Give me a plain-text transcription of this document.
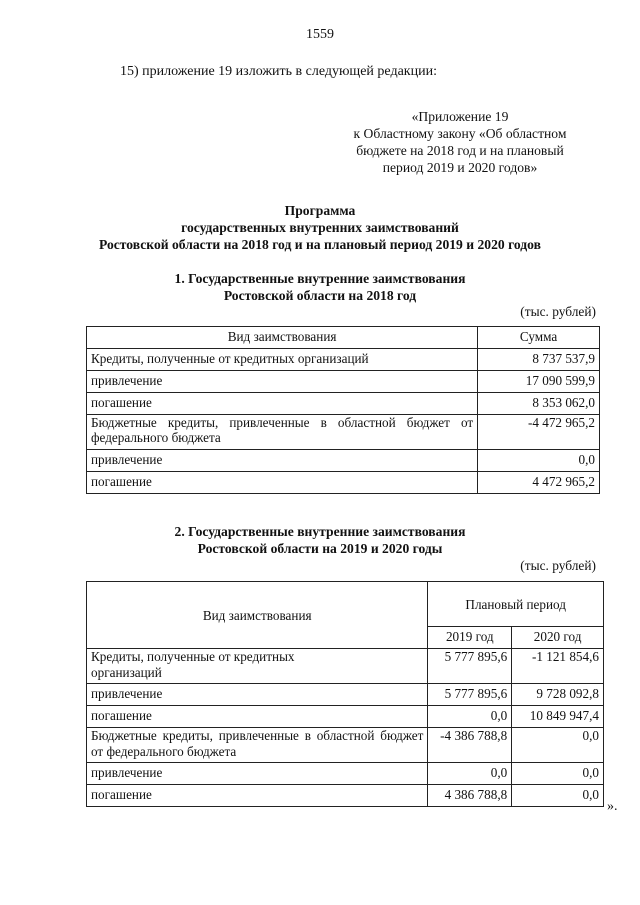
1559
15) приложение 19 изложить в следующей редакции:
«Приложение 19
к Областному закону «Об областном
бюджете на 2018 год и на плановый
период 2019 и 2020 годов»
Программа
государственных внутренних заимствований
Ростовской области на 2018 год и на плановый период 2019 и 2020 годов
1. Государственные внутренние заимствования
Ростовской области на 2018 год
(тыс. рублей)
Вид заимствования	Сумма
Кредиты, полученные от кредитных организаций	8 737 537,9
привлечение	17 090 599,9
погашение	8 353 062,0
Бюджетные кредиты, привлеченные в областной бюджет от федерального бюджета	-4 472 965,2
привлечение	0,0
погашение	4 472 965,2
2. Государственные внутренние заимствования
Ростовской области на 2019 и 2020 годы
(тыс. рублей)
Вид заимствования	Плановый период	
	2019 год	2020 год
Кредиты, полученные от кредитных организаций	5 777 895,6	-1 121 854,6
привлечение	5 777 895,6	9 728 092,8
погашение	0,0	10 849 947,4
Бюджетные кредиты, привлеченные в областной бюджет от федерального бюджета	-4 386 788,8	0,0
привлечение	0,0	0,0
погашение	4 386 788,8	0,0
».
